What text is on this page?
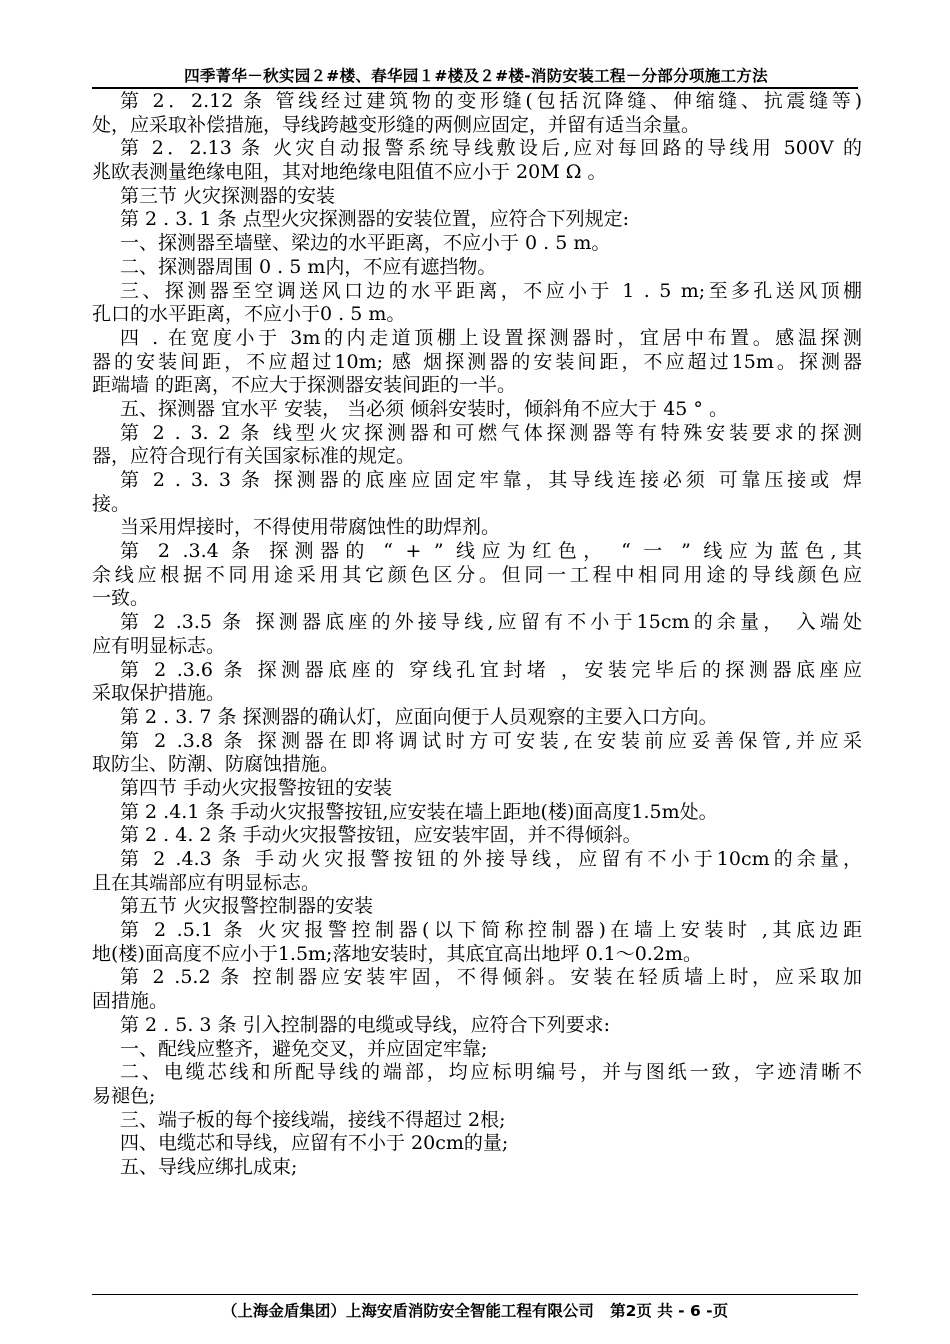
四季菁华－秋实园２#楼、春华园１#楼及２#楼-消防安装工程－分部分项施工方法
第 2．2.12 条 管线经过建筑物的变形缝(包括沉降缝、伸缩缝、抗震缝等)
处，应采取补偿措施，导线跨越变形缝的两侧应固定，并留有适当余量。
第 2．2.13 条 火灾自动报警系统导线敷设后,应对每回路的导线用 500V 的
兆欧表测量绝缘电阻，其对地绝缘电阻值不应小于 20M Ω 。
第三节 火灾探测器的安装
第 2 . 3. 1 条 点型火灾探测器的安装位置，应符合下列规定:
一、探测器至墙壁、梁边的水平距离，不应小于 0 . 5 m。
二、探测器周围 0 . 5 m内，不应有遮挡物。
三、探测器至空调送风口边的水平距离，不应小于 1 . 5 m;至多孔送风顶棚
孔口的水平距离，不应小于0 . 5 m。
四 . 在宽度小于 3m的内走道顶棚上设置探测器时，宜居中布置。感温探测
器的安装间距，不应超过10m; 感 烟探测器的安装间距，不应超过15m。探测器
距端墙 的距离，不应大于探测器安装间距的一半。
五、探测器 宜水平 安装， 当必须 倾斜安装时，倾斜角不应大于 45 ° 。
第 2 . 3. 2 条 线型火灾探测器和可燃气体探测器等有特殊安装要求的探测
器，应符合现行有关国家标准的规定。
第 2 . 3. 3 条 探测器的底座应固定牢靠，其导线连接必须 可靠压接或 焊
接。
当采用焊接时，不得使用带腐蚀性的助焊剂。
第 2 .3.4 条 探测器的 “ + ” 线应为红色， “ 一 ” 线应为蓝色,其
余线应根据不同用途采用其它颜色区分。但同一工程中相同用途的导线颜色应
一致。
第 2 .3.5 条 探测器底座的外接导线,应留有不小于15cm的余量， 入端处
应有明显标志。
第 2 .3.6 条 探测器底座的 穿线孔宜封堵 ，安装完毕后的探测器底座应
采取保护措施。
第 2 . 3. 7 条 探测器的确认灯，应面向便于人员观察的主要入口方向。
第 2 .3.8 条 探测器在即将调试时方可安装,在安装前应妥善保管,并应采
取防尘、防潮、防腐蚀措施。
第四节 手动火灾报警按钮的安装
第 2 .4.1 条 手动火灾报警按钮,应安装在墙上距地(楼)面高度1.5m处。
第 2 . 4. 2 条 手动火灾报警按钮，应安装牢固，并不得倾斜。
第 2 .4.3 条 手动火灾报警按钮的外接导线，应留有不小于10cm的余量，
且在其端部应有明显标志。
第五节 火灾报警控制器的安装
第 2 .5.1 条 火灾报警控制器(以下简称控制器)在墙上安装时 ,其底边距
地(楼)面高度不应小于1.5m;落地安装时，其底宜高出地坪 0.1～0.2m。
第 2 .5.2 条 控制器应安装牢固，不得倾斜。安装在轻质墙上时，应采取加
固措施。
第 2 . 5. 3 条 引入控制器的电缆或导线，应符合下列要求:
一、配线应整齐，避免交叉，并应固定牢靠;
二、电缆芯线和所配导线的端部，均应标明编号，并与图纸一致，字迹清晰不
易褪色;
三、端子板的每个接线端，接线不得超过 2根;
四、电缆芯和导线，应留有不小于 20cm的量;
五、导线应绑扎成束;
（上海金盾集团）上海安盾消防安全智能工程有限公司 第2页 共 - 6 -页
